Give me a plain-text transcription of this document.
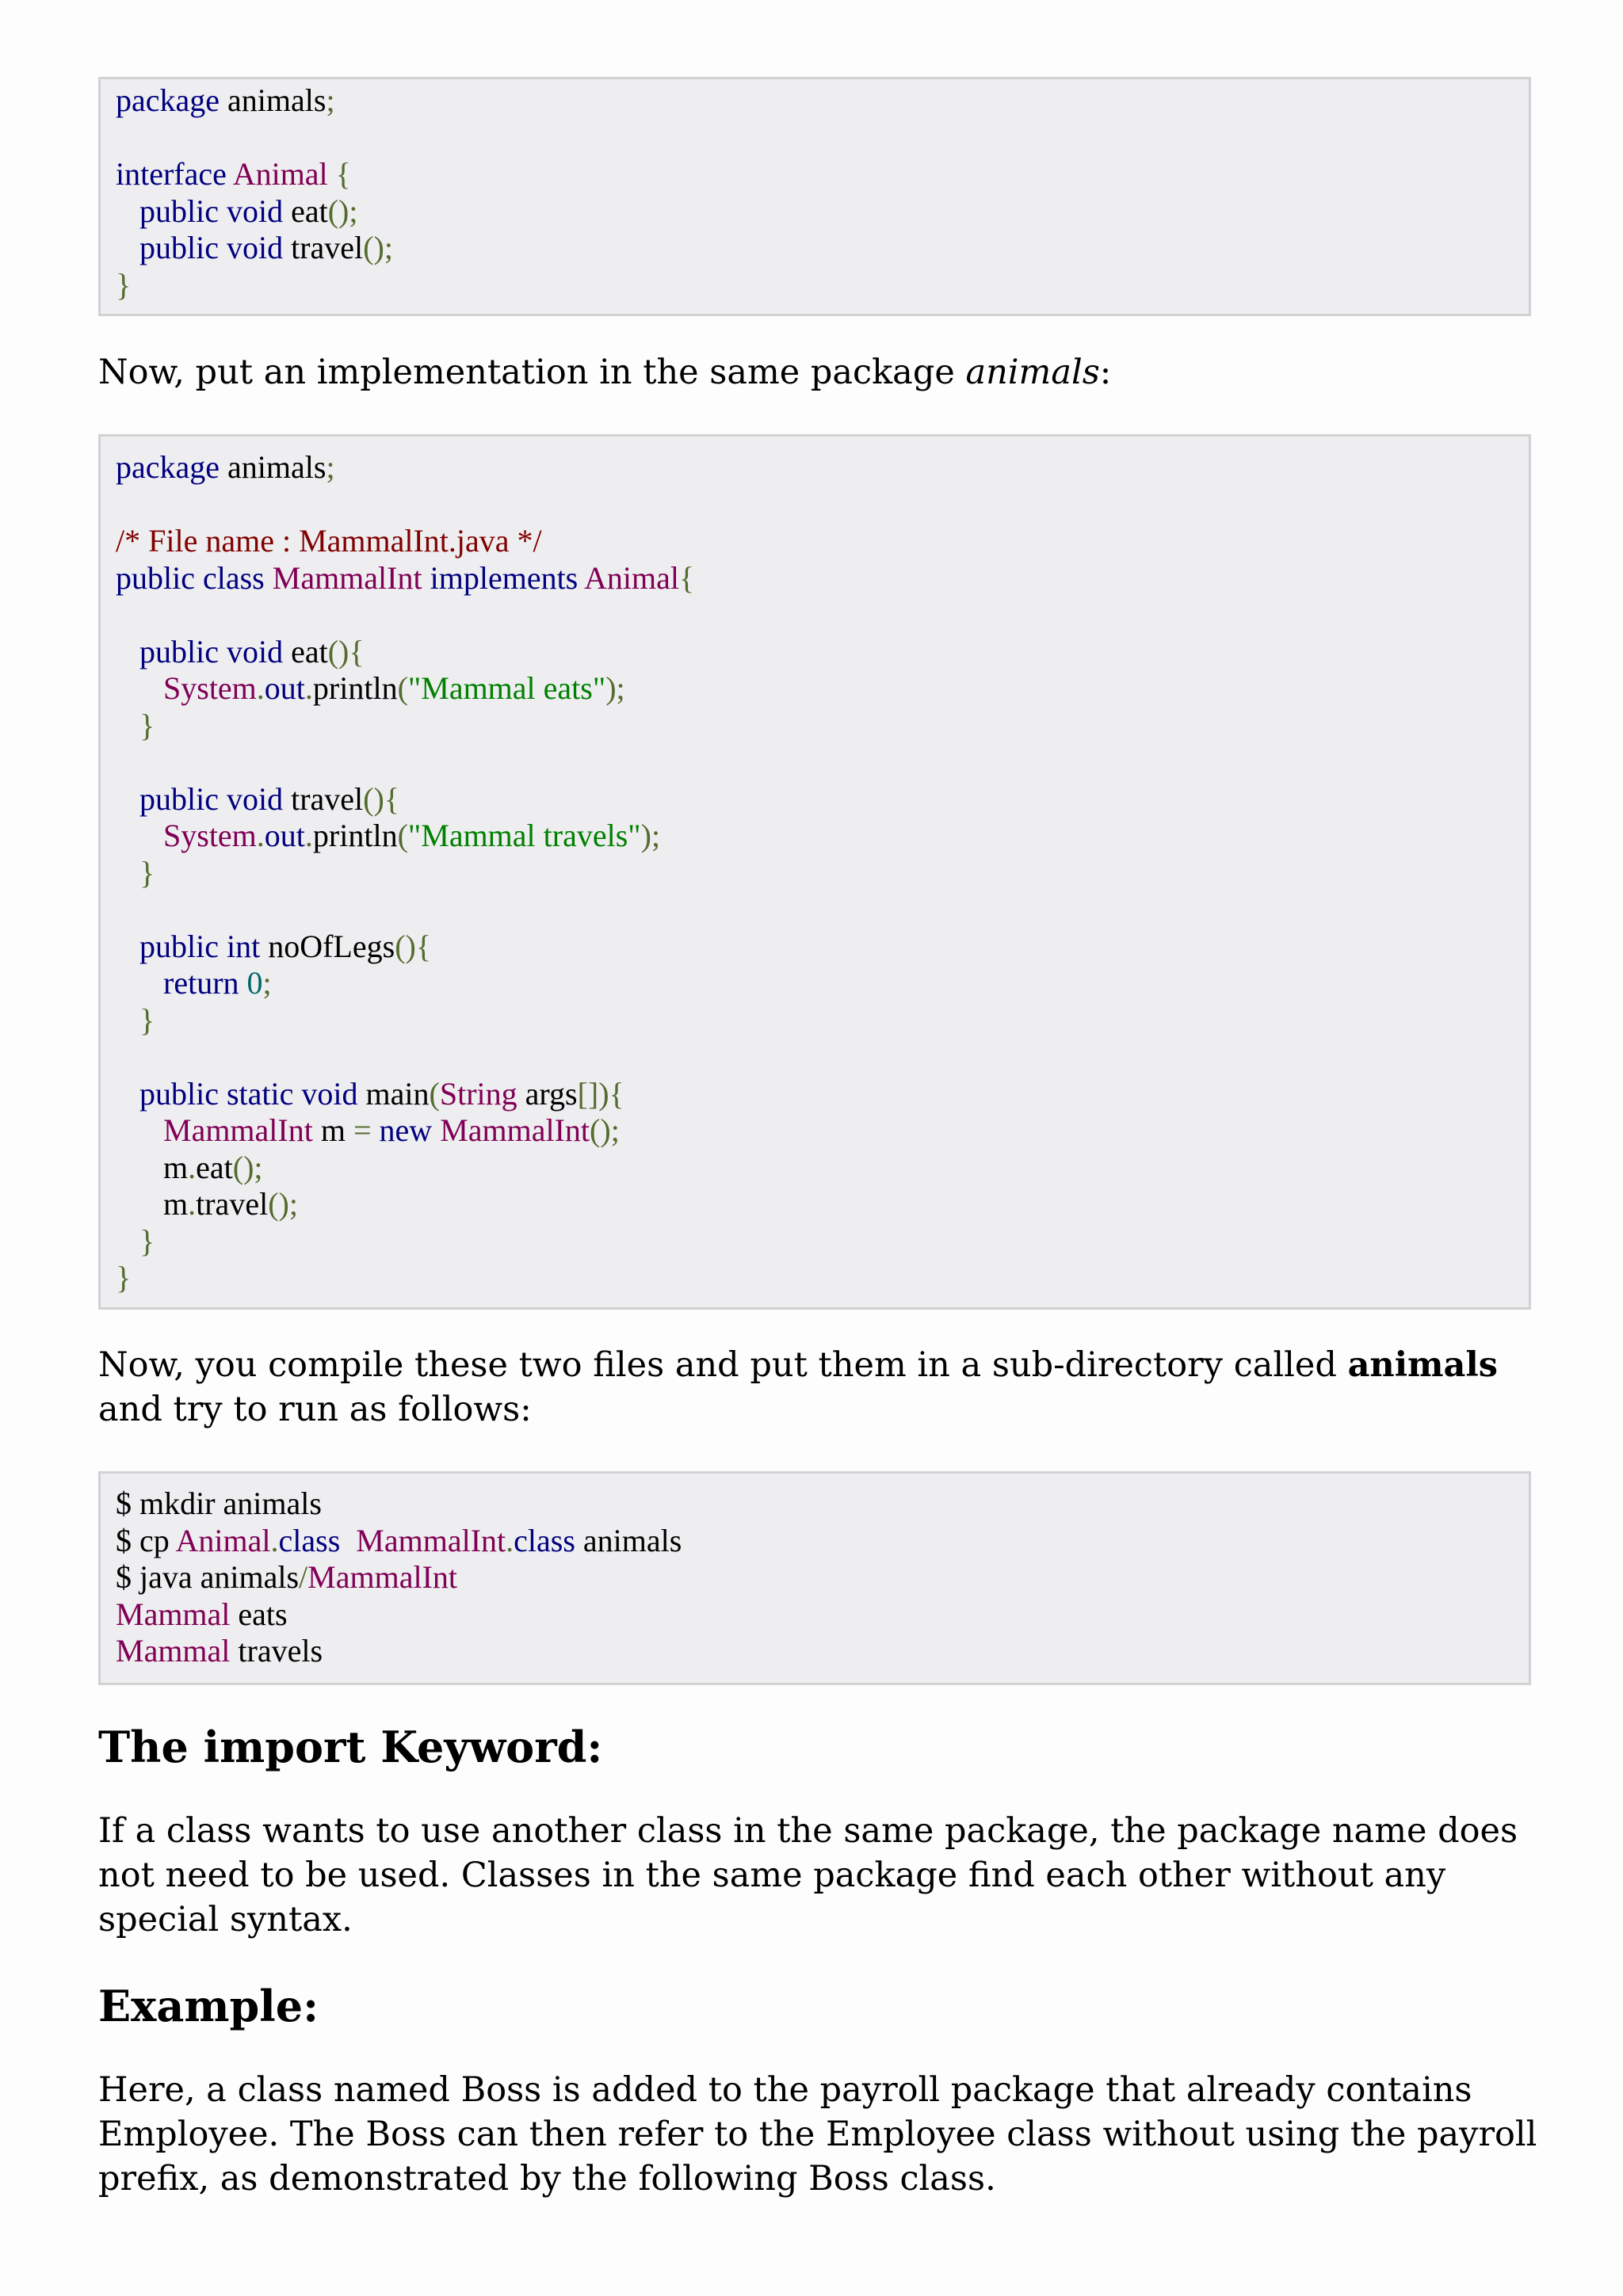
package animals;

interface Animal {
public void eat();
public void travel();
}

Now, put an implementation in the same package animals:

package animals;

/* File name : MammalInt.java */
public class MammalInt implements Animal{

public void eat(){
System.out.println("Mammal eats");
}

public void travel(){
System.out.println("Mammal travels");
}

public int noOfLegs(){
return 0;
}

public static void main(String args[]){
MammalInt m = new MammalInt();
m.eat();
m.travel();
}
}

Now, you compile these two files and put them in a sub-directory called animals and try to run as follows:

$ mkdir animals
$ cp Animal.class MammalInt.class animals
$ java animals/MammalInt
Mammal eats
Mammal travels
The import Keyword:

If a class wants to use another class in the same package, the package name does not need to be used. Classes in the same package find each other without any special syntax.

Example:

Here, a class named Boss is added to the payroll package that already contains Employee. The Boss can then refer to the Employee class without using the payroll prefix, as demonstrated by the following Boss class.
